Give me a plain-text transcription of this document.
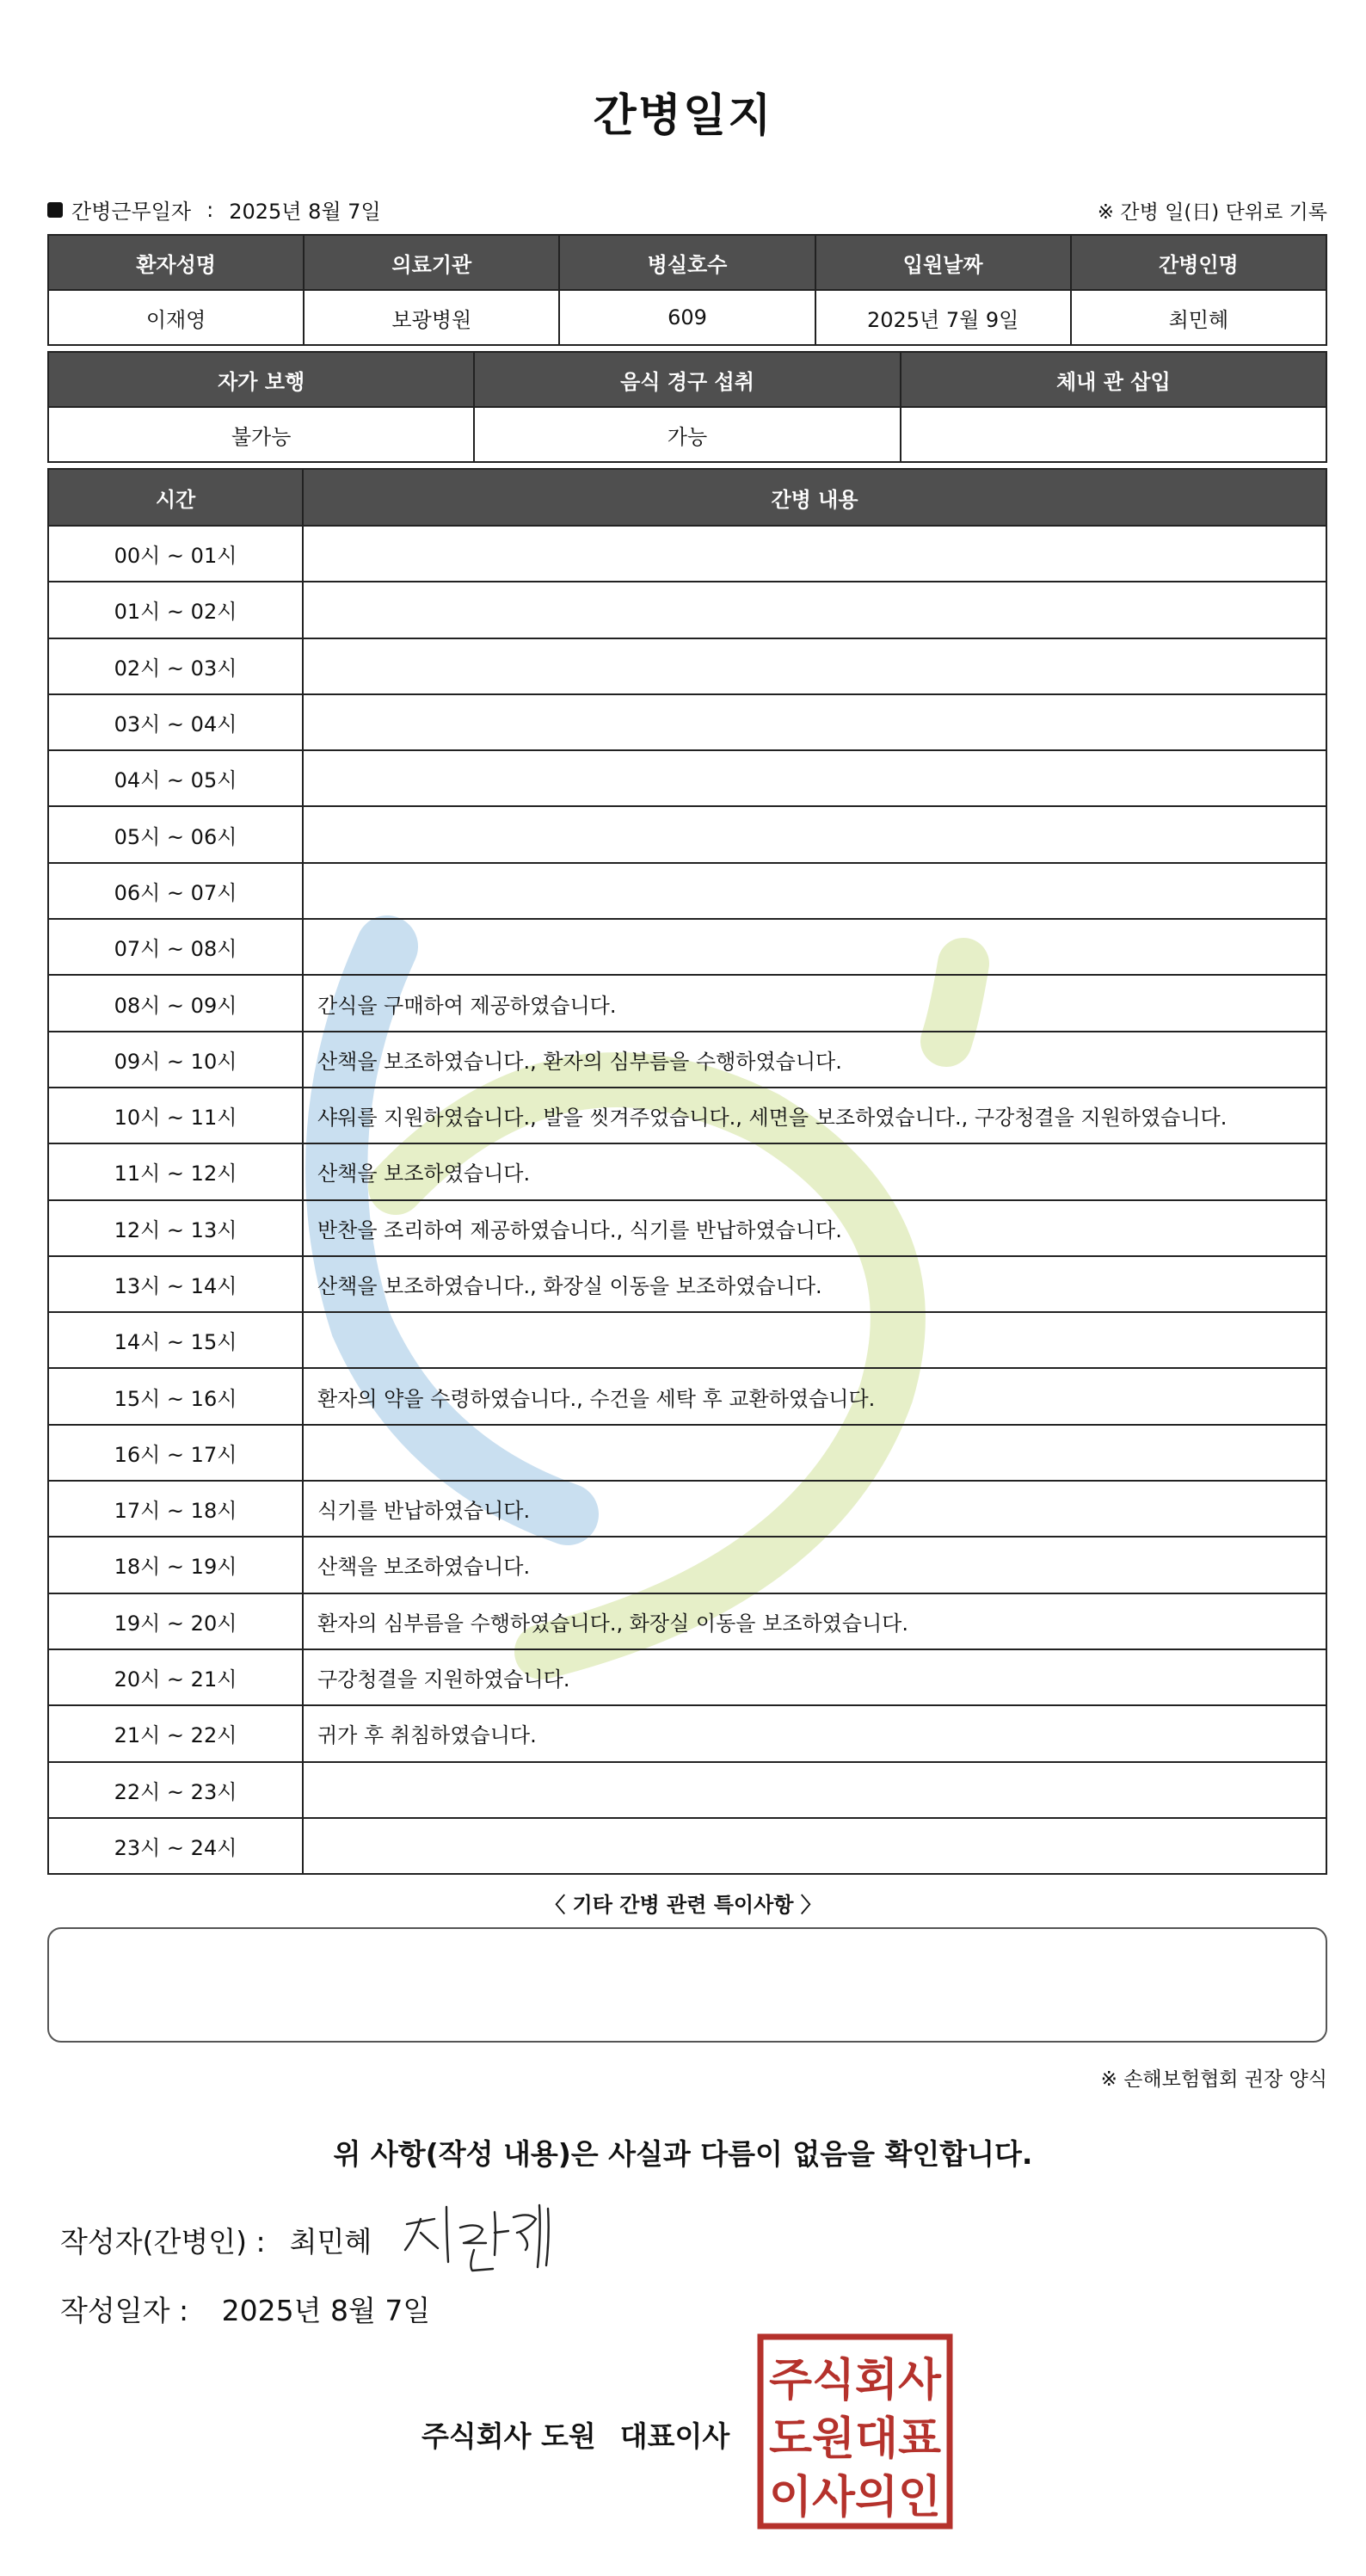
간병일지
간병근무일자 : 2025년 8월 7일	※ 간병 일(日) 단위로 기록
환자성명	의료기관	병실호수	입원날짜	간병인명
이재영	보광병원	609	2025년 7월 9일	최민혜
자가 보행	음식 경구 섭취	체내 관 삽입
불가능	가능	
시간	간병 내용
00시 ~ 01시	
01시 ~ 02시	
02시 ~ 03시	
03시 ~ 04시	
04시 ~ 05시	
05시 ~ 06시	
06시 ~ 07시	
07시 ~ 08시	
08시 ~ 09시	간식을 구매하여 제공하였습니다.
09시 ~ 10시	산책을 보조하였습니다., 환자의 심부름을 수행하였습니다.
10시 ~ 11시	샤워를 지원하였습니다., 발을 씻겨주었습니다., 세면을 보조하였습니다., 구강청결을 지원하였습니다.
11시 ~ 12시	산책을 보조하였습니다.
12시 ~ 13시	반찬을 조리하여 제공하였습니다., 식기를 반납하였습니다.
13시 ~ 14시	산책을 보조하였습니다., 화장실 이동을 보조하였습니다.
14시 ~ 15시	
15시 ~ 16시	환자의 약을 수령하였습니다., 수건을 세탁 후 교환하였습니다.
16시 ~ 17시	
17시 ~ 18시	식기를 반납하였습니다.
18시 ~ 19시	산책을 보조하였습니다.
19시 ~ 20시	환자의 심부름을 수행하였습니다., 화장실 이동을 보조하였습니다.
20시 ~ 21시	구강청결을 지원하였습니다.
21시 ~ 22시	귀가 후 취침하였습니다.
22시 ~ 23시	
23시 ~ 24시	
〈 기타 간병 관련 특이사항 〉
※ 손해보험협회 권장 양식
위 사항(작성 내용)은 사실과 다름이 없음을 확인합니다.
작성자(간병인) : 최민혜
작성일자 : 2025년 8월 7일
주식회사 도원 대표이사
주식회사
도원대표
이사의인
